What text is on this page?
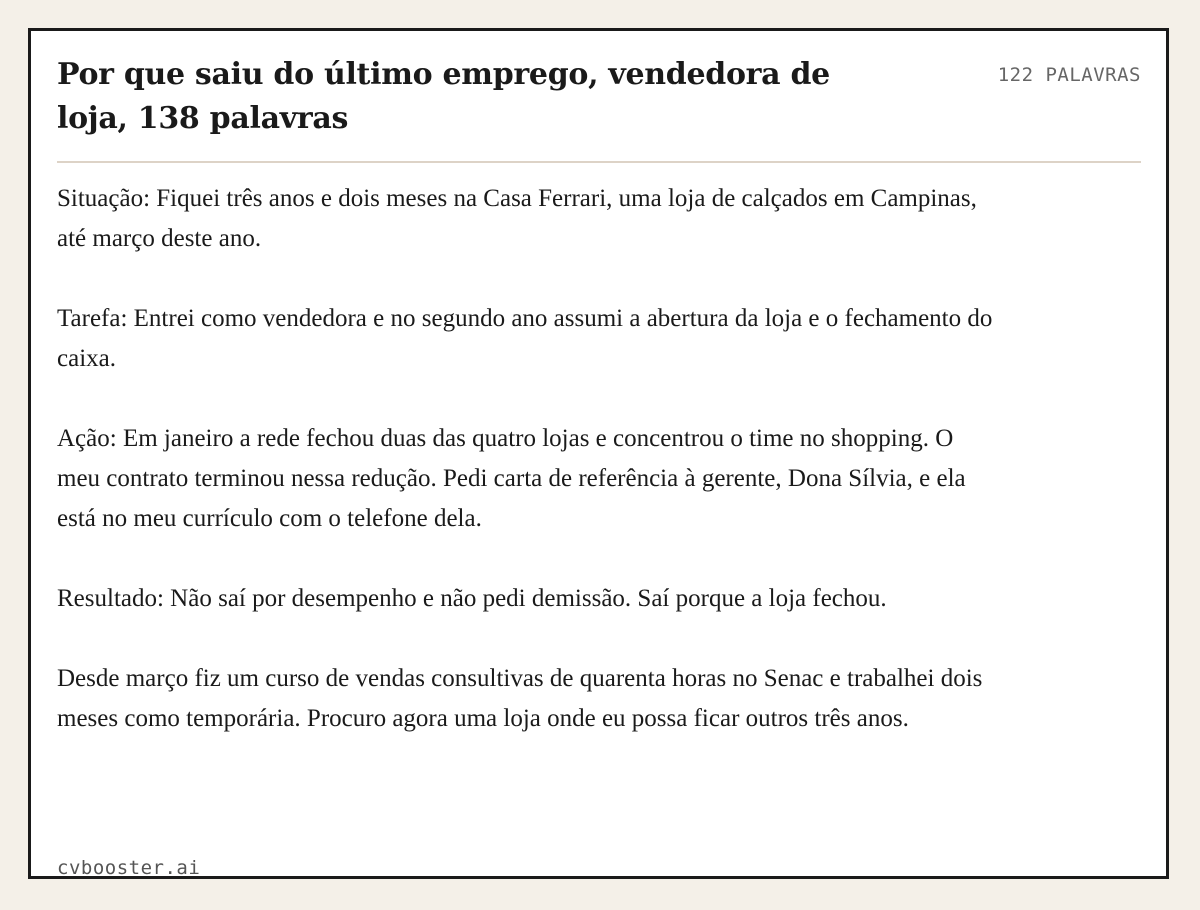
Por que saiu do último emprego, vendedora de loja, 138 palavras
122 PALAVRAS

Situação: Fiquei três anos e dois meses na Casa Ferrari, uma loja de calçados em Campinas, até março deste ano.

Tarefa: Entrei como vendedora e no segundo ano assumi a abertura da loja e o fechamento do caixa.

Ação: Em janeiro a rede fechou duas das quatro lojas e concentrou o time no shopping. O meu contrato terminou nessa redução. Pedi carta de referência à gerente, Dona Sílvia, e ela está no meu currículo com o telefone dela.

Resultado: Não saí por desempenho e não pedi demissão. Saí porque a loja fechou.

Desde março fiz um curso de vendas consultivas de quarenta horas no Senac e trabalhei dois meses como temporária. Procuro agora uma loja onde eu possa ficar outros três anos.

cvbooster.ai
